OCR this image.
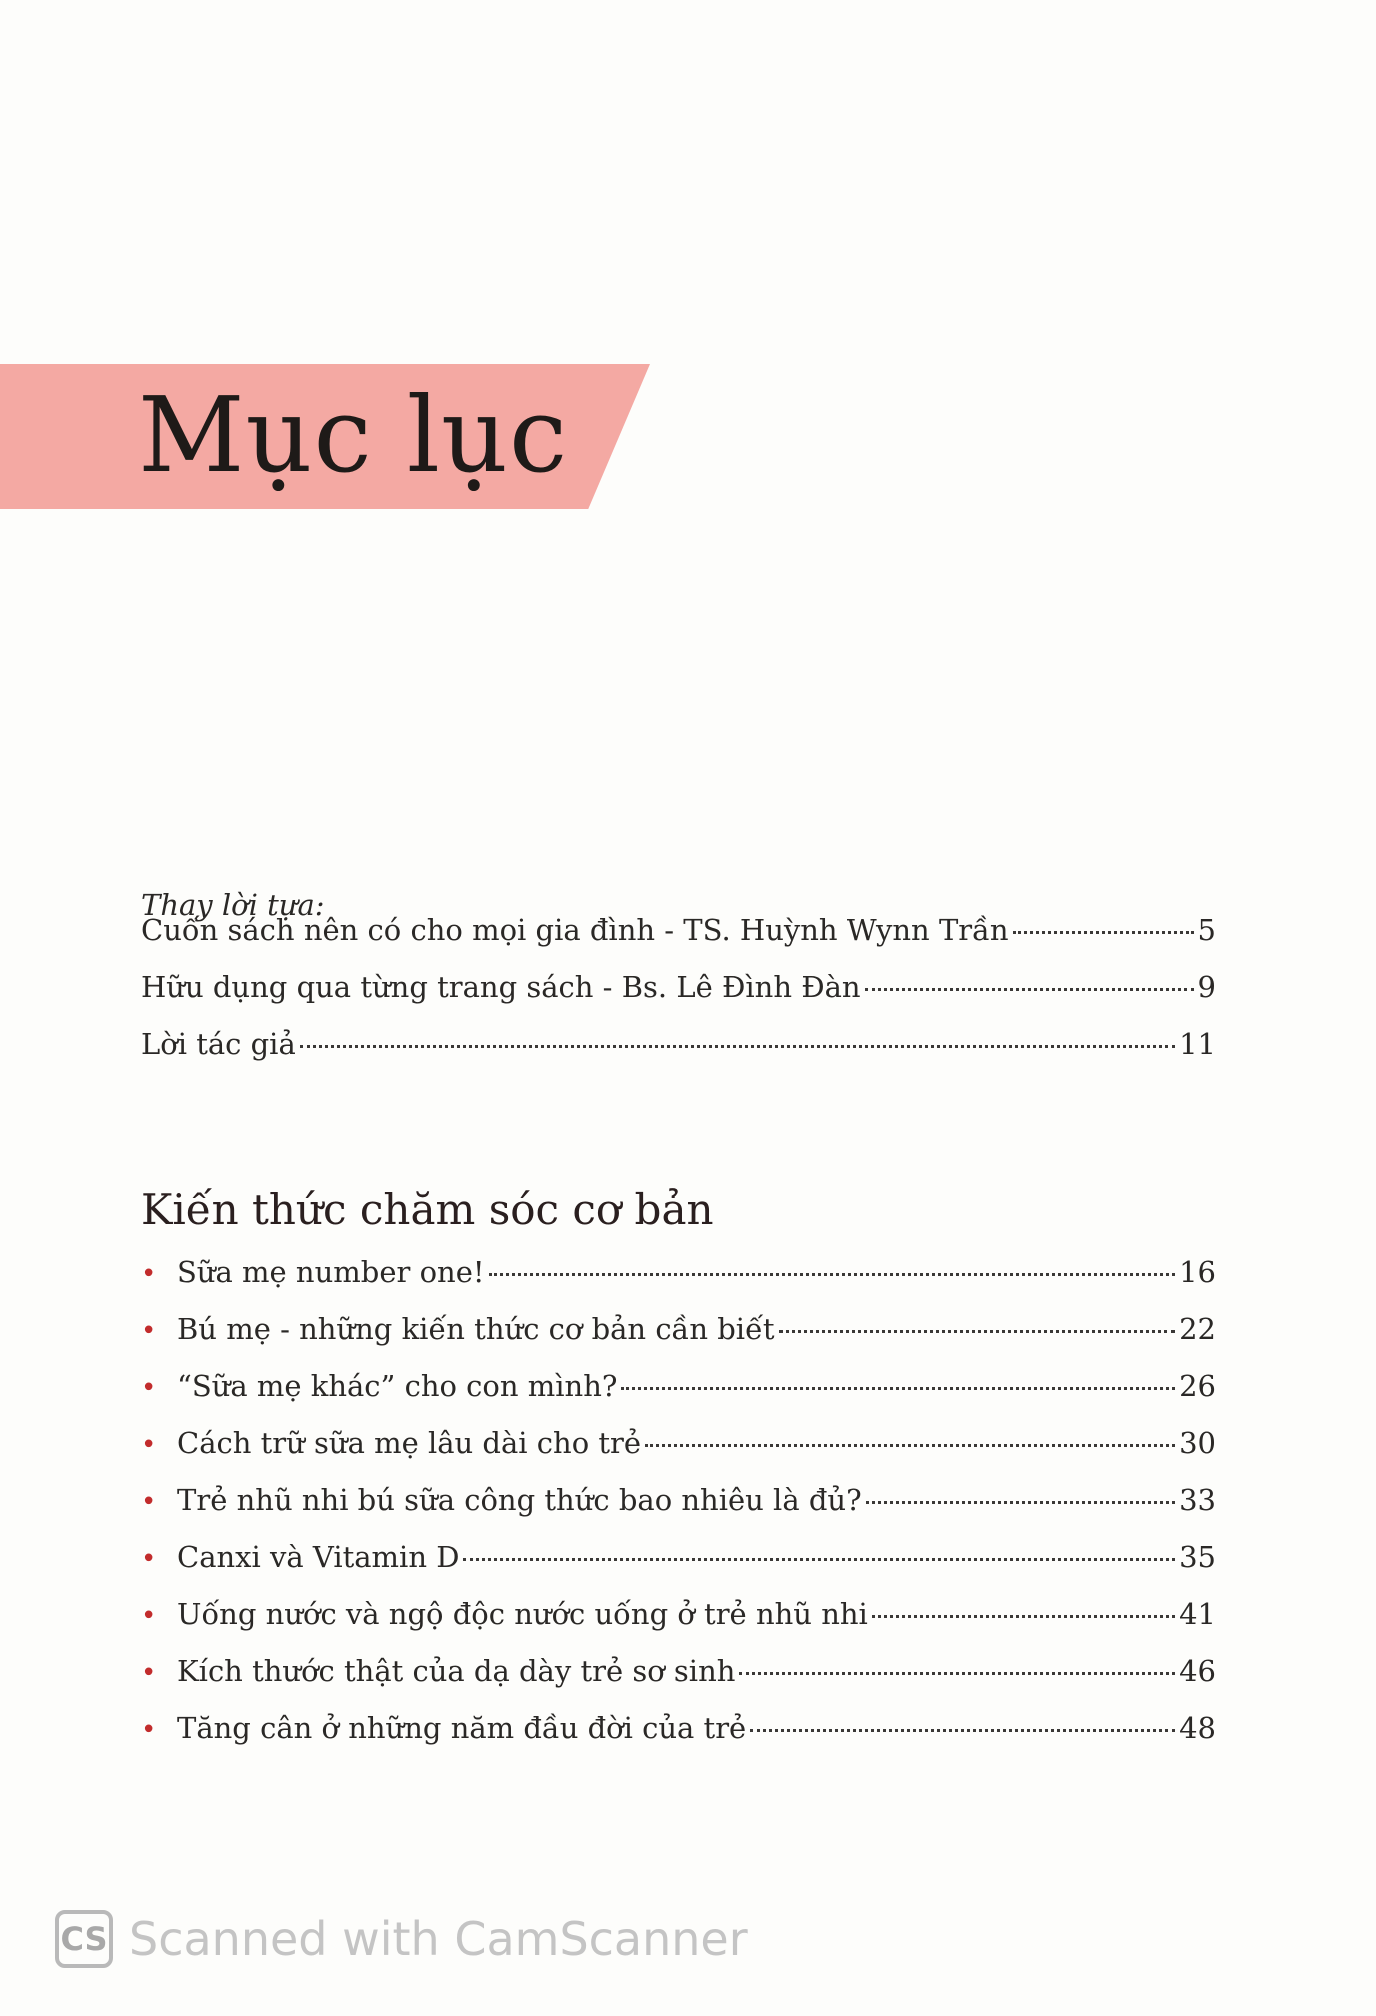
Mục lục
Thay lời tựa:
Cuốn sách nên có cho mọi gia đình - TS. Huỳnh Wynn Trần	5
Hữu dụng qua từng trang sách - Bs. Lê Đình Đàn	9
Lời tác giả	11
Kiến thức chăm sóc cơ bản
• Sữa mẹ number one!	16
• Bú mẹ - những kiến thức cơ bản cần biết	22
• “Sữa mẹ khác” cho con mình?	26
• Cách trữ sữa mẹ lâu dài cho trẻ	30
• Trẻ nhũ nhi bú sữa công thức bao nhiêu là đủ?	33
• Canxi và Vitamin D	35
• Uống nước và ngộ độc nước uống ở trẻ nhũ nhi	41
• Kích thước thật của dạ dày trẻ sơ sinh	46
• Tăng cân ở những năm đầu đời của trẻ	48
CS Scanned with CamScanner
